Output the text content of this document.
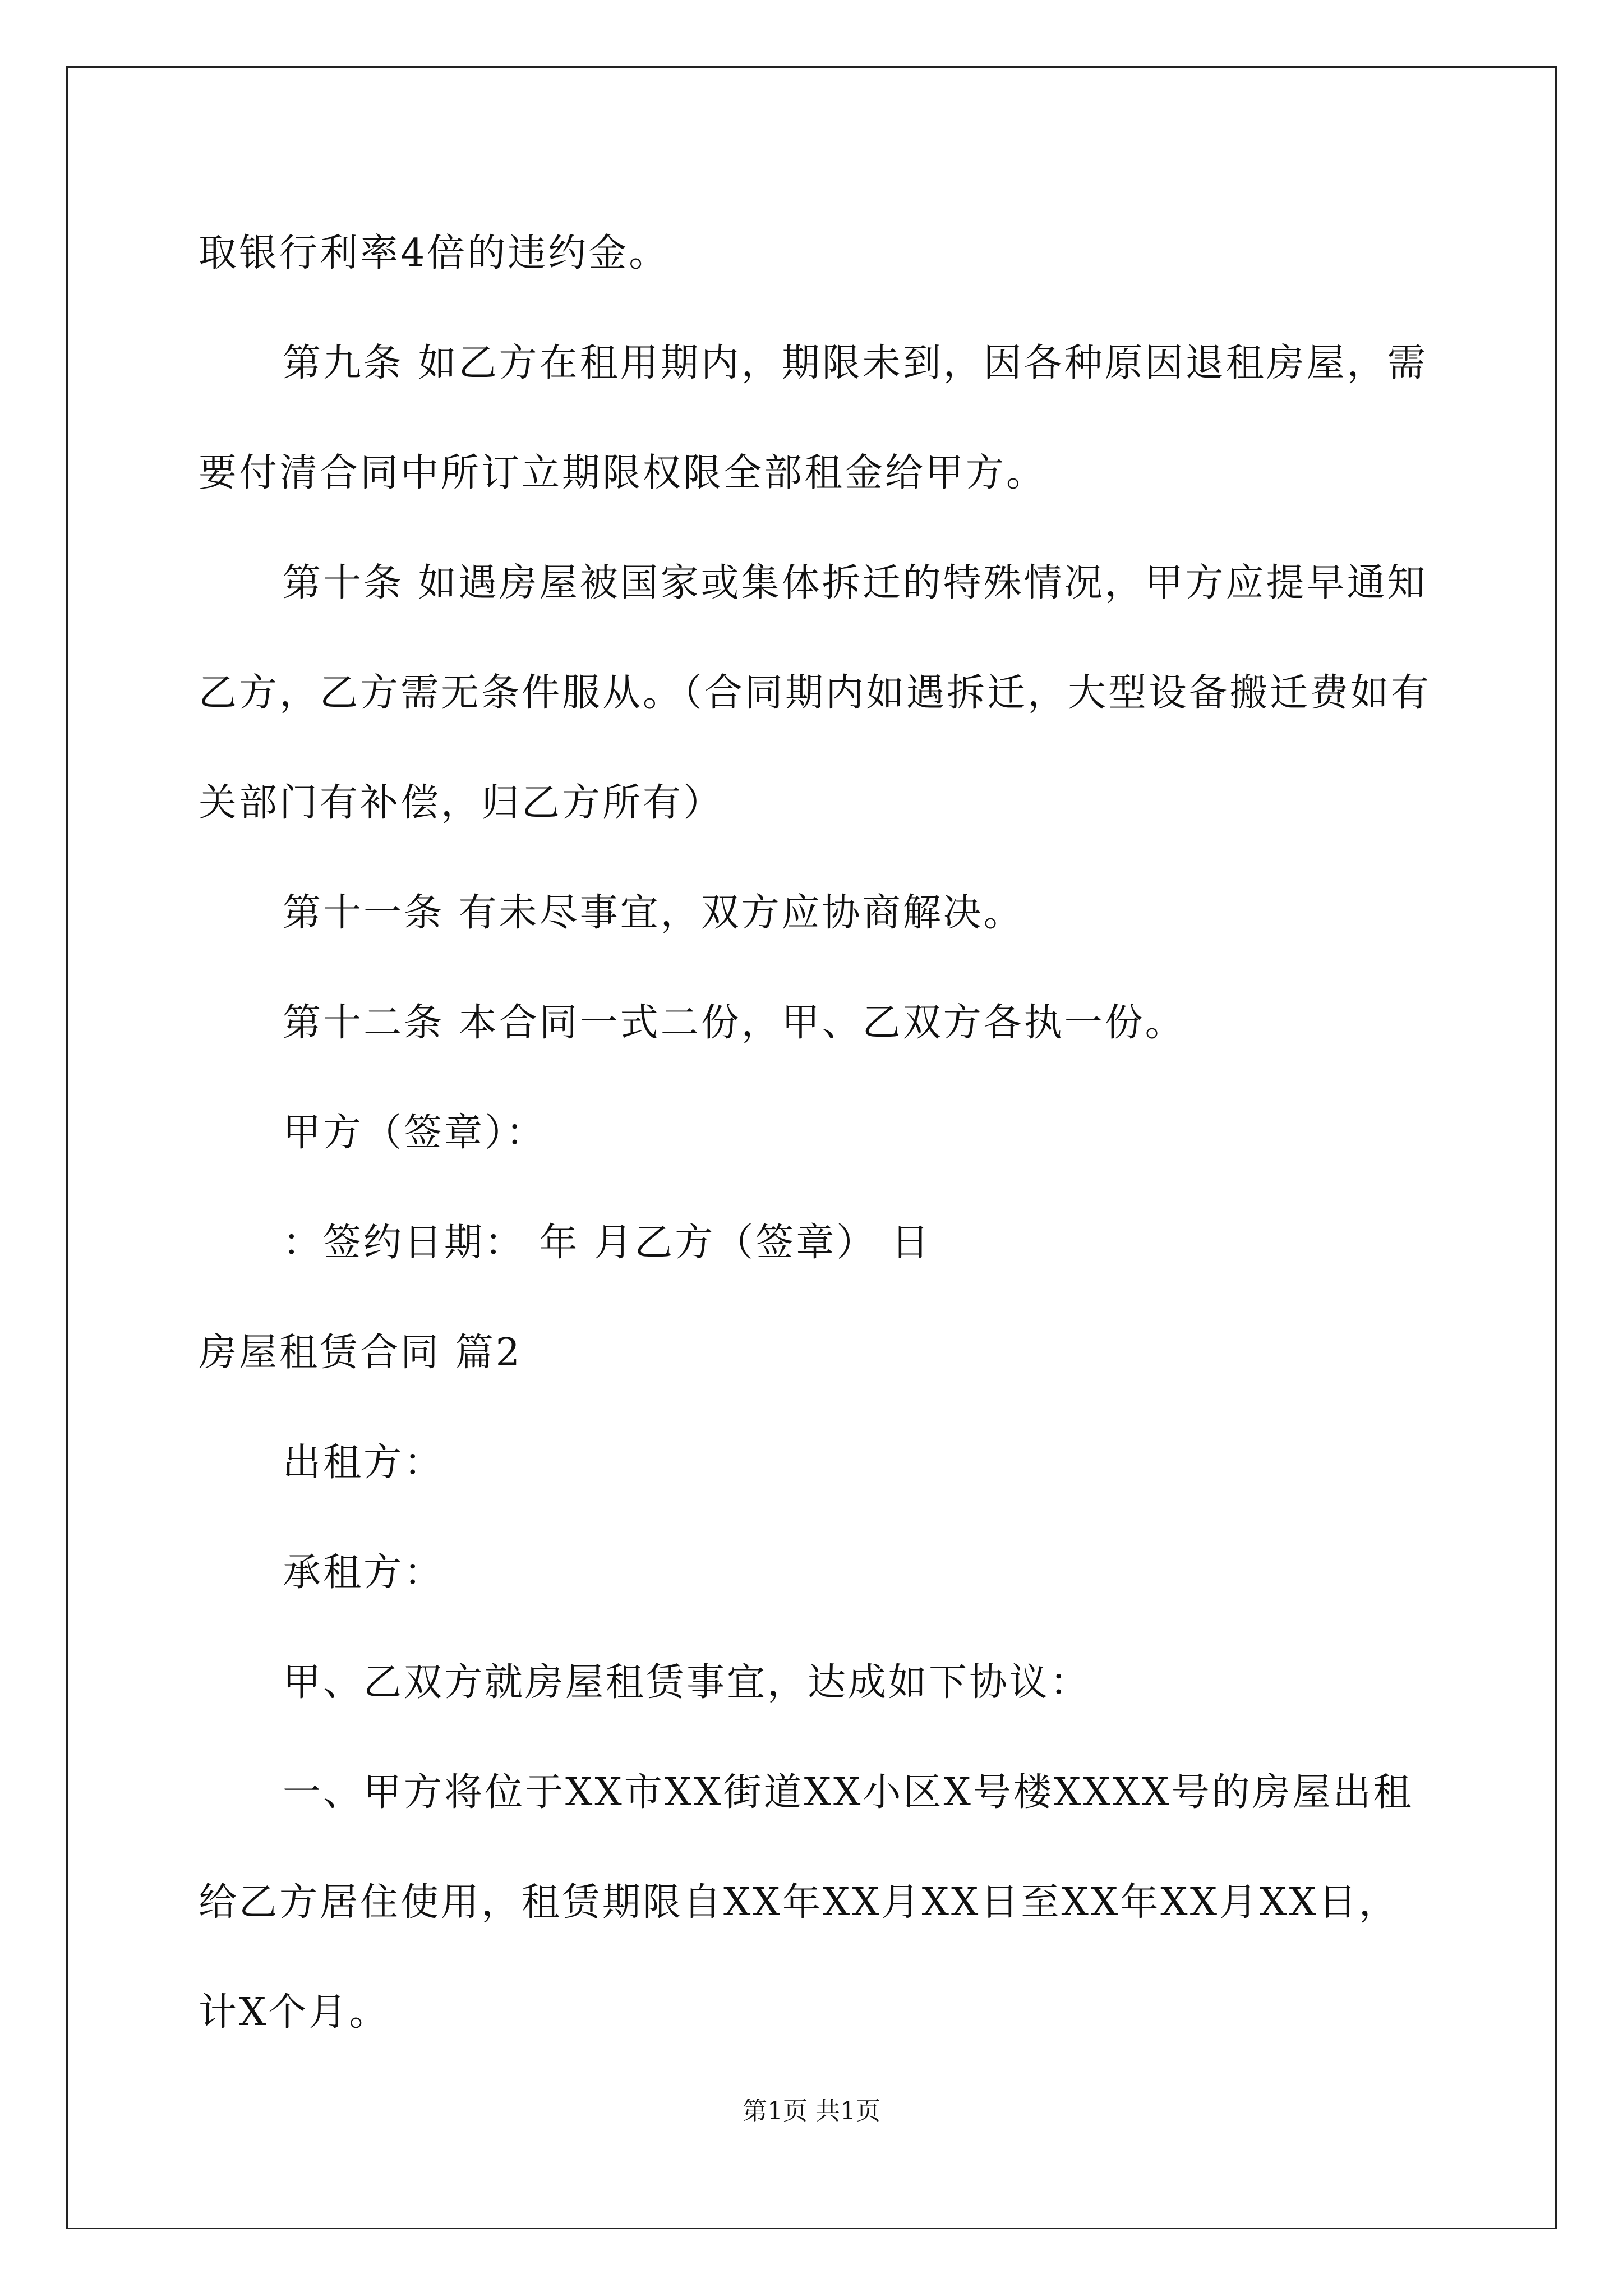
取银行利率4倍的违约金。
第九条 如乙方在租用期内，期限未到，因各种原因退租房屋，需
要付清合同中所订立期限权限全部租金给甲方。
第十条 如遇房屋被国家或集体拆迁的特殊情况，甲方应提早通知
乙方，乙方需无条件服从。（合同期内如遇拆迁，大型设备搬迁费如有
关部门有补偿，归乙方所有）
第十一条 有未尽事宜，双方应协商解决。
第十二条 本合同一式二份，甲、乙双方各执一份。
甲方（签章）：
：签约日期： 年 月乙方（签章） 日
房屋租赁合同 篇2
出租方：
承租方：
甲、乙双方就房屋租赁事宜，达成如下协议：
一、甲方将位于XX市XX街道XX小区X号楼XXXX号的房屋出租
给乙方居住使用，租赁期限自XX年XX月XX日至XX年XX月XX日，
计X个月。
第1页 共1页
